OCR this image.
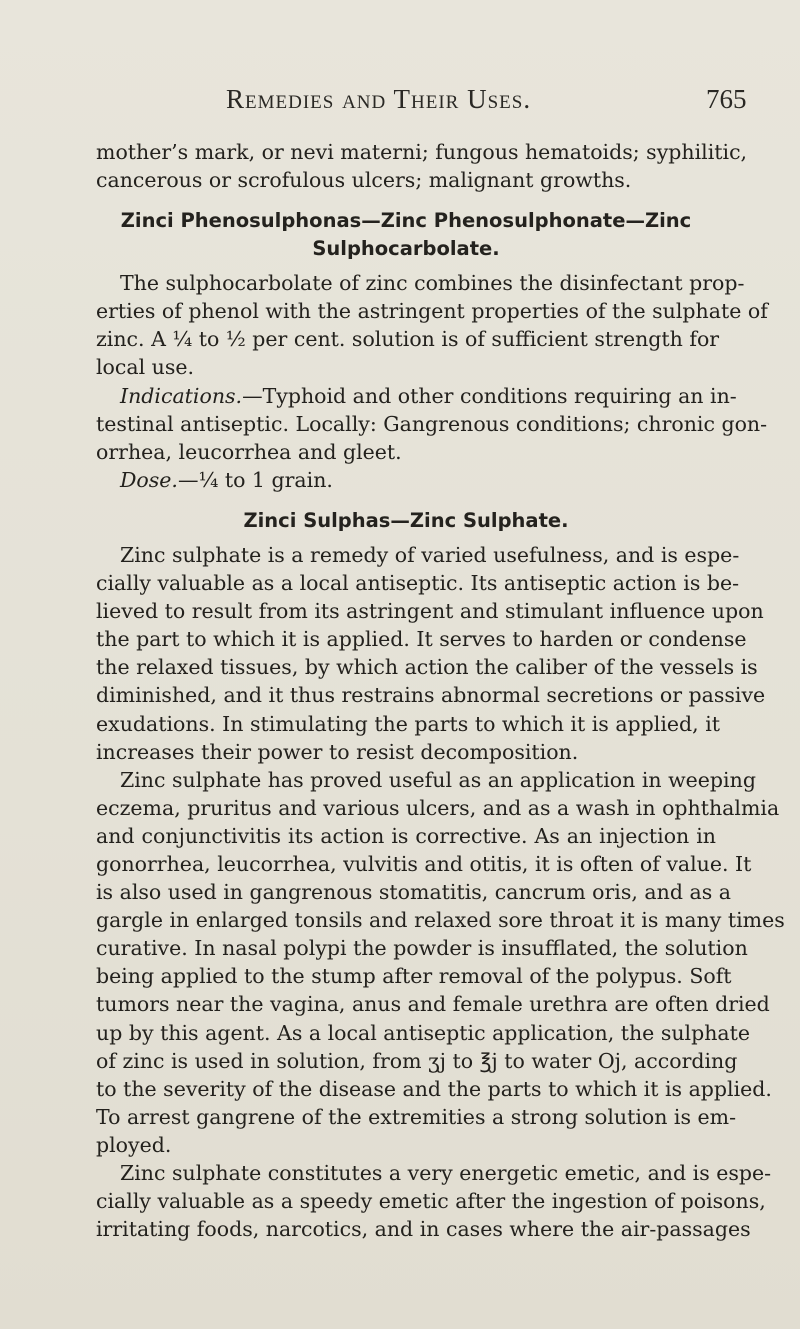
Remedies and Their Uses.	765
mother’s mark, or nevi materni; fungous hematoids; syphilitic,
cancerous or scrofulous ulcers; malignant growths.
Zinci Phenosulphonas—Zinc Phenosulphonate—Zinc
Sulphocarbolate.
The sulphocarbolate of zinc combines the disinfectant prop-
erties of phenol with the astringent properties of the sulphate of
zinc. A ¼ to ½ per cent. solution is of sufficient strength for
local use.
Indications.—Typhoid and other conditions requiring an in-
testinal antiseptic. Locally: Gangrenous conditions; chronic gon-
orrhea, leucorrhea and gleet.
Dose.—¼ to 1 grain.
Zinci Sulphas—Zinc Sulphate.
Zinc sulphate is a remedy of varied usefulness, and is espe-
cially valuable as a local antiseptic. Its antiseptic action is be-
lieved to result from its astringent and stimulant influence upon
the part to which it is applied. It serves to harden or condense
the relaxed tissues, by which action the caliber of the vessels is
diminished, and it thus restrains abnormal secretions or passive
exudations. In stimulating the parts to which it is applied, it
increases their power to resist decomposition.
Zinc sulphate has proved useful as an application in weeping
eczema, pruritus and various ulcers, and as a wash in ophthalmia
and conjunctivitis its action is corrective. As an injection in
gonorrhea, leucorrhea, vulvitis and otitis, it is often of value. It
is also used in gangrenous stomatitis, cancrum oris, and as a
gargle in enlarged tonsils and relaxed sore throat it is many times
curative. In nasal polypi the powder is insufflated, the solution
being applied to the stump after removal of the polypus. Soft
tumors near the vagina, anus and female urethra are often dried
up by this agent. As a local antiseptic application, the sulphate
of zinc is used in solution, from ʒj to ℥j to water Oj, according
to the severity of the disease and the parts to which it is applied.
To arrest gangrene of the extremities a strong solution is em-
ployed.
Zinc sulphate constitutes a very energetic emetic, and is espe-
cially valuable as a speedy emetic after the ingestion of poisons,
irritating foods, narcotics, and in cases where the air-passages
